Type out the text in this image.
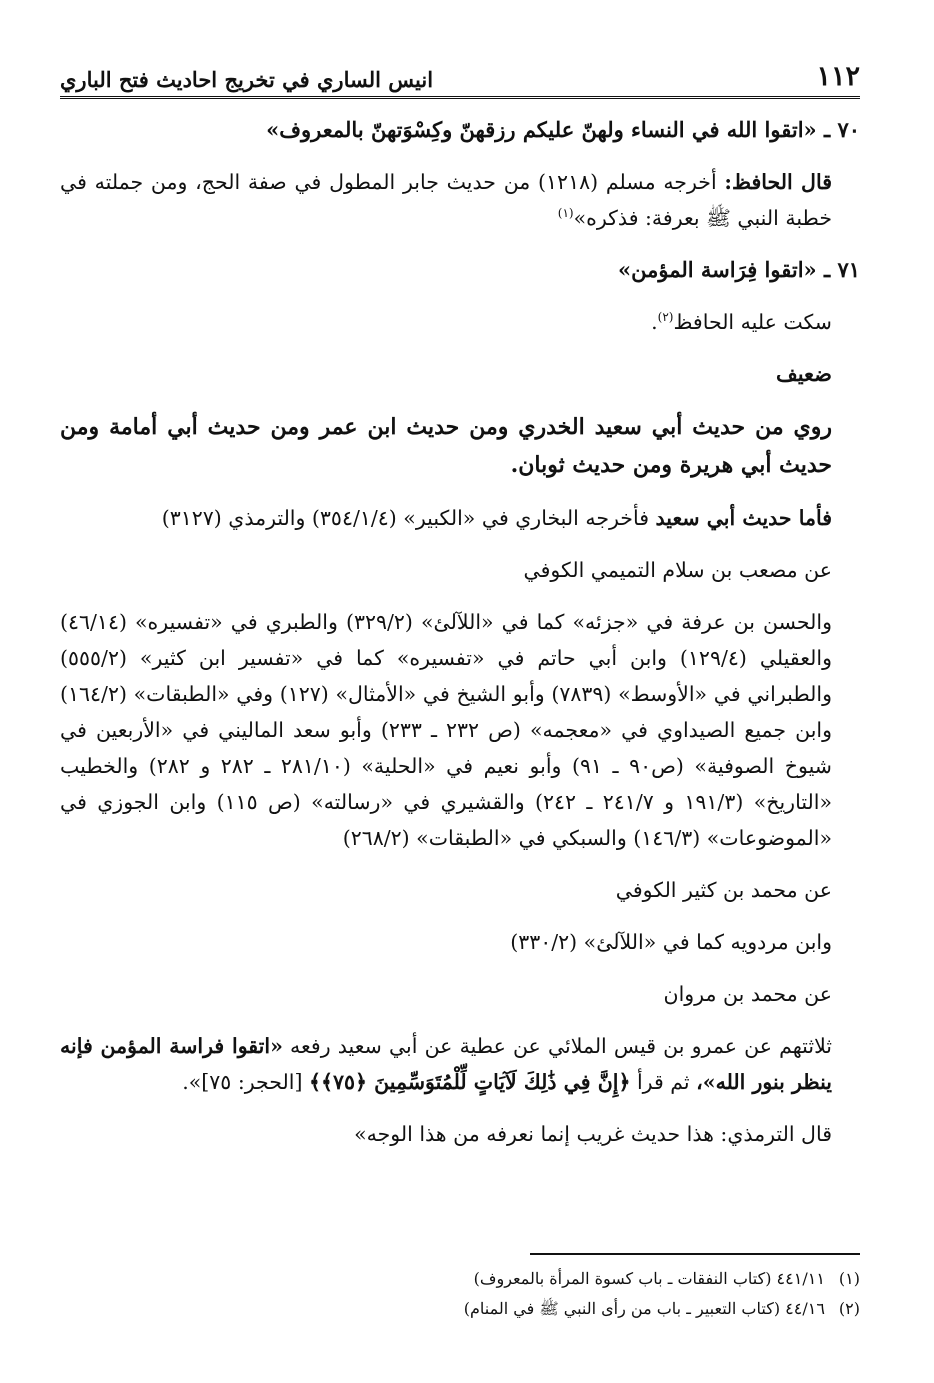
١١٢
انيس الساري في تخريج احاديث فتح الباري

٧٠ ـ «اتقوا الله في النساء ولهنّ عليكم رزقهنّ وكِسْوَتهنّ بالمعروف»

قال الحافظ: أخرجه مسلم (١٢١٨) من حديث جابر المطول في صفة الحج، ومن جملته في خطبة النبي ﷺ بعرفة: فذكره»$^{(١)}$

٧١ ـ «اتقوا فِرَاسة المؤمن»

سكت عليه الحافظ$^{(٢)}$.

ضعيف

روي من حديث أبي سعيد الخدري ومن حديث ابن عمر ومن حديث أبي أمامة ومن حديث أبي هريرة ومن حديث ثوبان.

فأما حديث أبي سعيد فأخرجه البخاري في «الكبير» (٣٥٤/١/٤) والترمذي (٣١٢٧)

عن مصعب بن سلام التميمي الكوفي

والحسن بن عرفة في «جزئه» كما في «اللآلئ» (٣٢٩/٢) والطبري في «تفسيره» (٤٦/١٤) والعقيلي (١٢٩/٤) وابن أبي حاتم في «تفسيره» كما في «تفسير ابن كثير» (٥٥٥/٢) والطبراني في «الأوسط» (٧٨٣٩) وأبو الشيخ في «الأمثال» (١٢٧) وفي «الطبقات» (١٦٤/٢) وابن جميع الصيداوي في «معجمه» (ص ٢٣٢ ـ ٢٣٣) وأبو سعد الماليني في «الأربعين في شيوخ الصوفية» (ص٩٠ ـ ٩١) وأبو نعيم في «الحلية» (٢٨١/١٠ ـ ٢٨٢ و ٢٨٢) والخطيب «التاريخ» (١٩١/٣ و ٢٤١/٧ ـ ٢٤٢) والقشيري في «رسالته» (ص ١١٥) وابن الجوزي في «الموضوعات» (١٤٦/٣) والسبكي في «الطبقات» (٢٦٨/٢)

عن محمد بن كثير الكوفي

وابن مردويه كما في «اللآلئ» (٣٣٠/٢)

عن محمد بن مروان

ثلاثتهم عن عمرو بن قيس الملائي عن عطية عن أبي سعيد رفعه «اتقوا فراسة المؤمن فإنه ينظر بنور الله»، ثم قرأ ﴿إِنَّ فِي ذَٰلِكَ لَآيَاتٍ لِّلْمُتَوَسِّمِينَ ﴿٧٥﴾﴾ [الحجر: ٧٥]».

قال الترمذي: هذا حديث غريب إنما نعرفه من هذا الوجه»

(١)
٤٤١/١١ (كتاب النفقات ـ باب كسوة المرأة بالمعروف)
(٢)
٤٤/١٦ (كتاب التعبير ـ باب من رأى النبي ﷺ في المنام)
